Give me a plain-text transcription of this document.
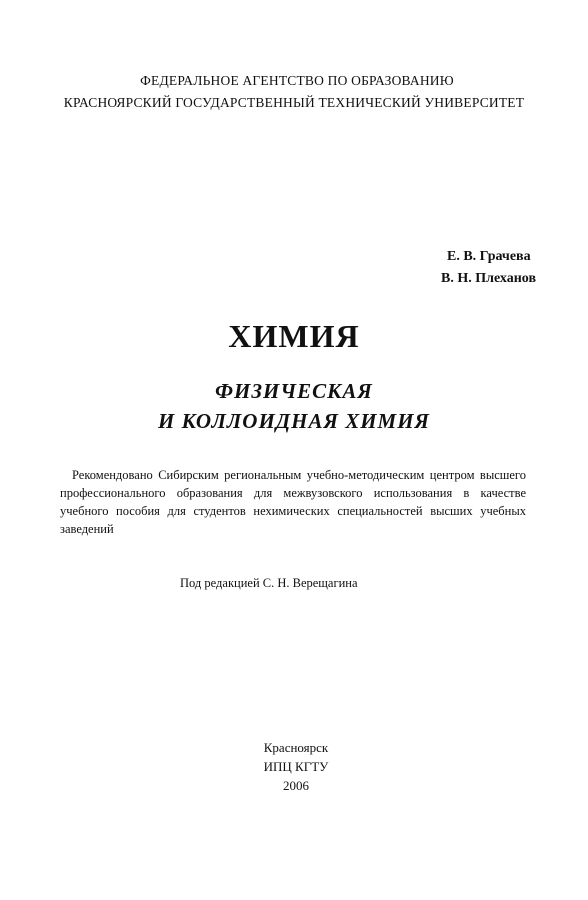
ФЕДЕРАЛЬНОЕ АГЕНТСТВО ПО ОБРАЗОВАНИЮ
КРАСНОЯРСКИЙ ГОСУДАРСТВЕННЫЙ ТЕХНИЧЕСКИЙ УНИВЕРСИТЕТ
Е. В. Грачева
В. Н. Плеханов
ХИМИЯ
ФИЗИЧЕСКАЯ
И КОЛЛОИДНАЯ ХИМИЯ
Рекомендовано Сибирским региональным учебно-методическим центром высшего профессионального образования для межвузовского использования в качестве учебного пособия для студентов нехимических специальностей высших учебных заведений
Под редакцией С. Н. Верещагина
Красноярск
ИПЦ КГТУ
2006
